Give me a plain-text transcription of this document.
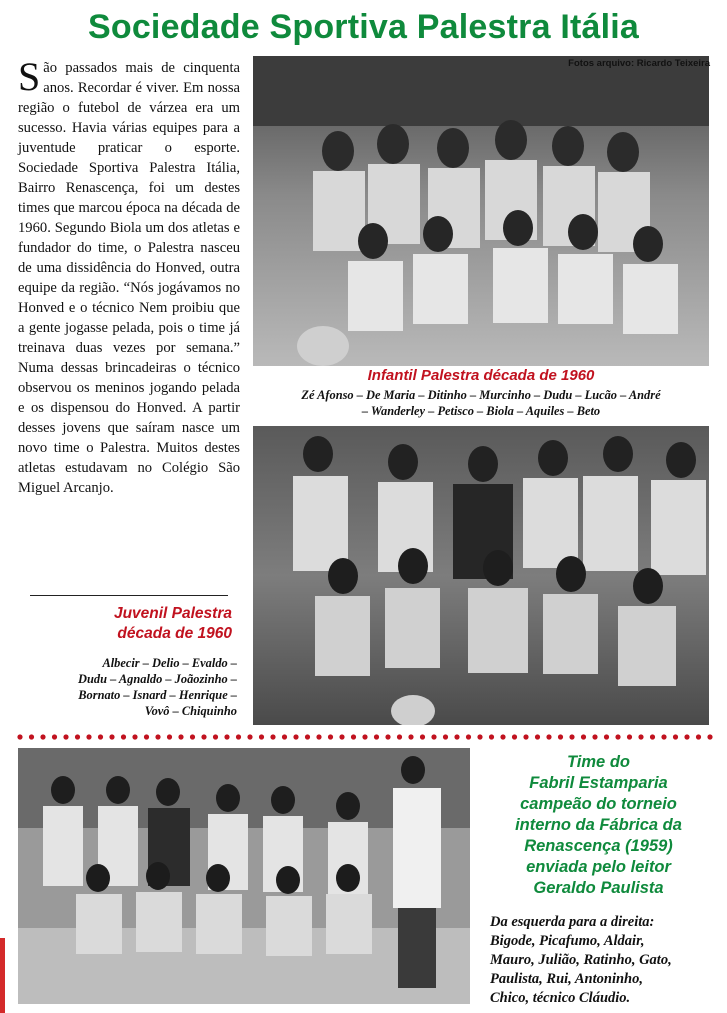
Sociedade Sportiva Palestra Itália
São passados mais de cinquenta anos. Recordar é viver. Em nossa região o futebol de várzea era um sucesso. Havia várias equipes para a juventude praticar o esporte. Sociedade Sportiva Palestra Itália, Bairro Renascença, foi um destes times que marcou época na década de 1960. Segundo Biola um dos atletas e fundador do time, o Palestra nasceu de uma dissidência do Honved, outra equipe da região. “Nós jogávamos no Honved e o técnico Nem proibiu que a gente jogasse pelada, pois o time já treinava duas vezes por semana.” Numa dessas brincadeiras o técnico observou os meninos jogando pelada e os dispensou do Honved. A partir desses jovens que saíram nasce um novo time o Palestra. Muitos destes atletas estudavam no Colégio São Miguel Arcanjo.
Fotos arquivo: Ricardo Teixeira
Infantil Palestra década de 1960
Zé Afonso – De Maria – Ditinho – Murcinho – Dudu – Lucão – André
– Wanderley – Petisco – Biola – Aquiles – Beto
Juvenil Palestra
década de 1960
Albecir – Delio – Evaldo –
Dudu – Agnaldo – Joãozinho –
Bornato – Isnard – Henrique –
Vovô – Chiquinho
Time do
Fabril Estamparia
campeão do torneio
interno da Fábrica da
Renascença (1959)
enviada pelo leitor
Geraldo Paulista
Da esquerda para a direita:
Bigode, Picafumo, Aldair,
Mauro, Julião, Ratinho, Gato,
Paulista, Rui, Antoninho,
Chico, técnico Cláudio.
